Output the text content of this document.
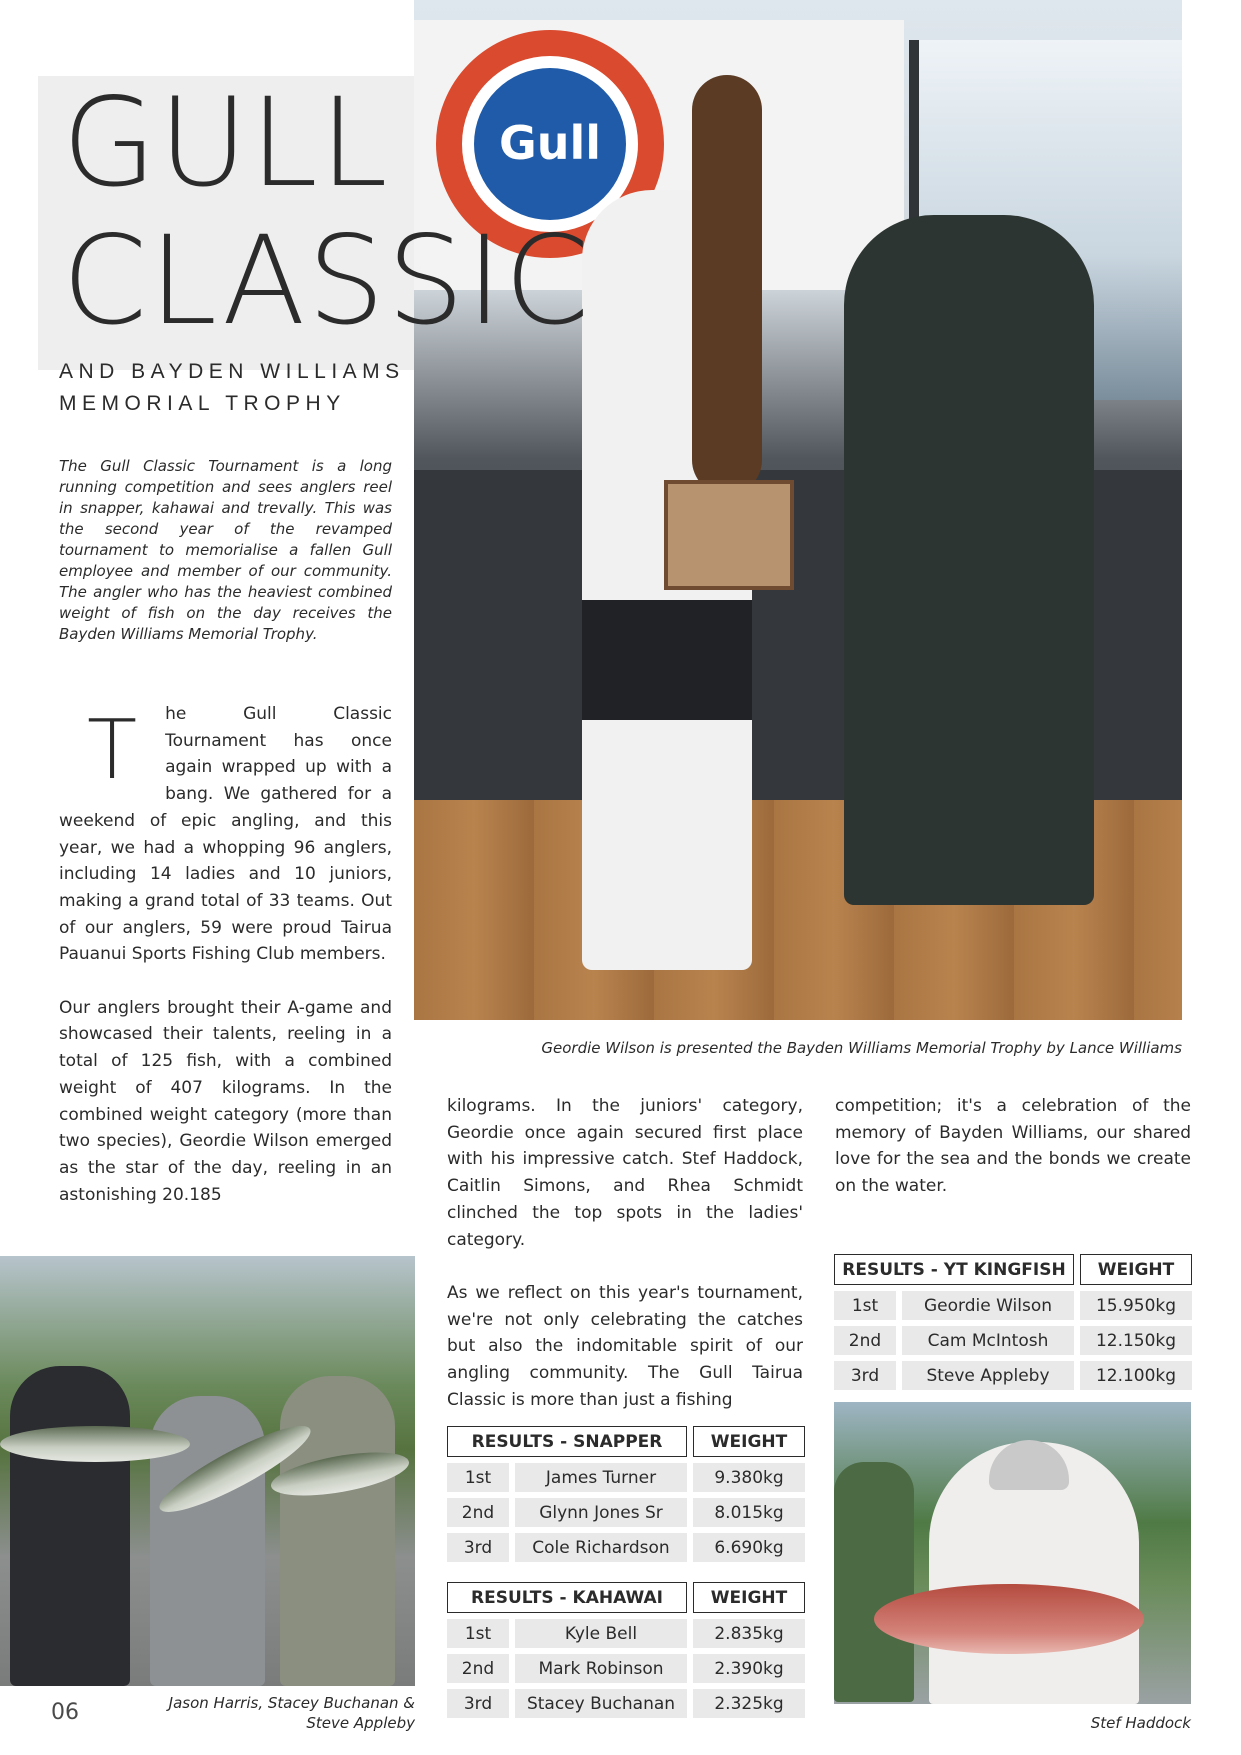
Gull
GULL
CLASSIC
AND BAYDEN WILLIAMS
MEMORIAL TROPHY

The Gull Classic Tournament is a long running competition and sees anglers reel in snapper, kahawai and trevally. This was the second year of the revamped tournament to memorialise a fallen Gull employee and member of our community. The angler who has the heaviest combined weight of fish on the day receives the Bayden Williams Memorial Trophy.

T he Gull Classic Tournament has once again wrapped up with a bang. We gathered for a weekend of epic angling, and this year, we had a whopping 96 anglers, including 14 ladies and 10 juniors, making a grand total of 33 teams. Out of our anglers, 59 were proud Tairua Pauanui Sports Fishing Club members.

Our anglers brought their A-game and showcased their talents, reeling in a total of 125 fish, with a combined weight of 407 kilograms. In the combined weight category (more than two species), Geordie Wilson emerged as the star of the day, reeling in an astonishing 20.185

Geordie Wilson is presented the Bayden Williams Memorial Trophy by Lance Williams

kilograms. In the juniors' category, Geordie once again secured first place with his impressive catch. Stef Haddock, Caitlin Simons, and Rhea Schmidt clinched the top spots in the ladies' category.

As we reflect on this year's tournament, we're not only celebrating the catches but also the indomitable spirit of our angling community. The Gull Tairua Classic is more than just a fishing

competition; it's a celebration of the memory of Bayden Williams, our shared love for the sea and the bonds we create on the water.

RESULTS - YT KINGFISH	WEIGHT
1st	Geordie Wilson	15.950kg
2nd	Cam McIntosh	12.150kg
3rd	Steve Appleby	12.100kg
RESULTS - SNAPPER	WEIGHT
1st	James Turner	9.380kg
2nd	Glynn Jones Sr	8.015kg
3rd	Cole Richardson	6.690kg
RESULTS - KAHAWAI	WEIGHT
1st	Kyle Bell	2.835kg
2nd	Mark Robinson	2.390kg
3rd	Stacey Buchanan	2.325kg
Jason Harris, Stacey Buchanan &
Steve Appleby
06	Stef Haddock
